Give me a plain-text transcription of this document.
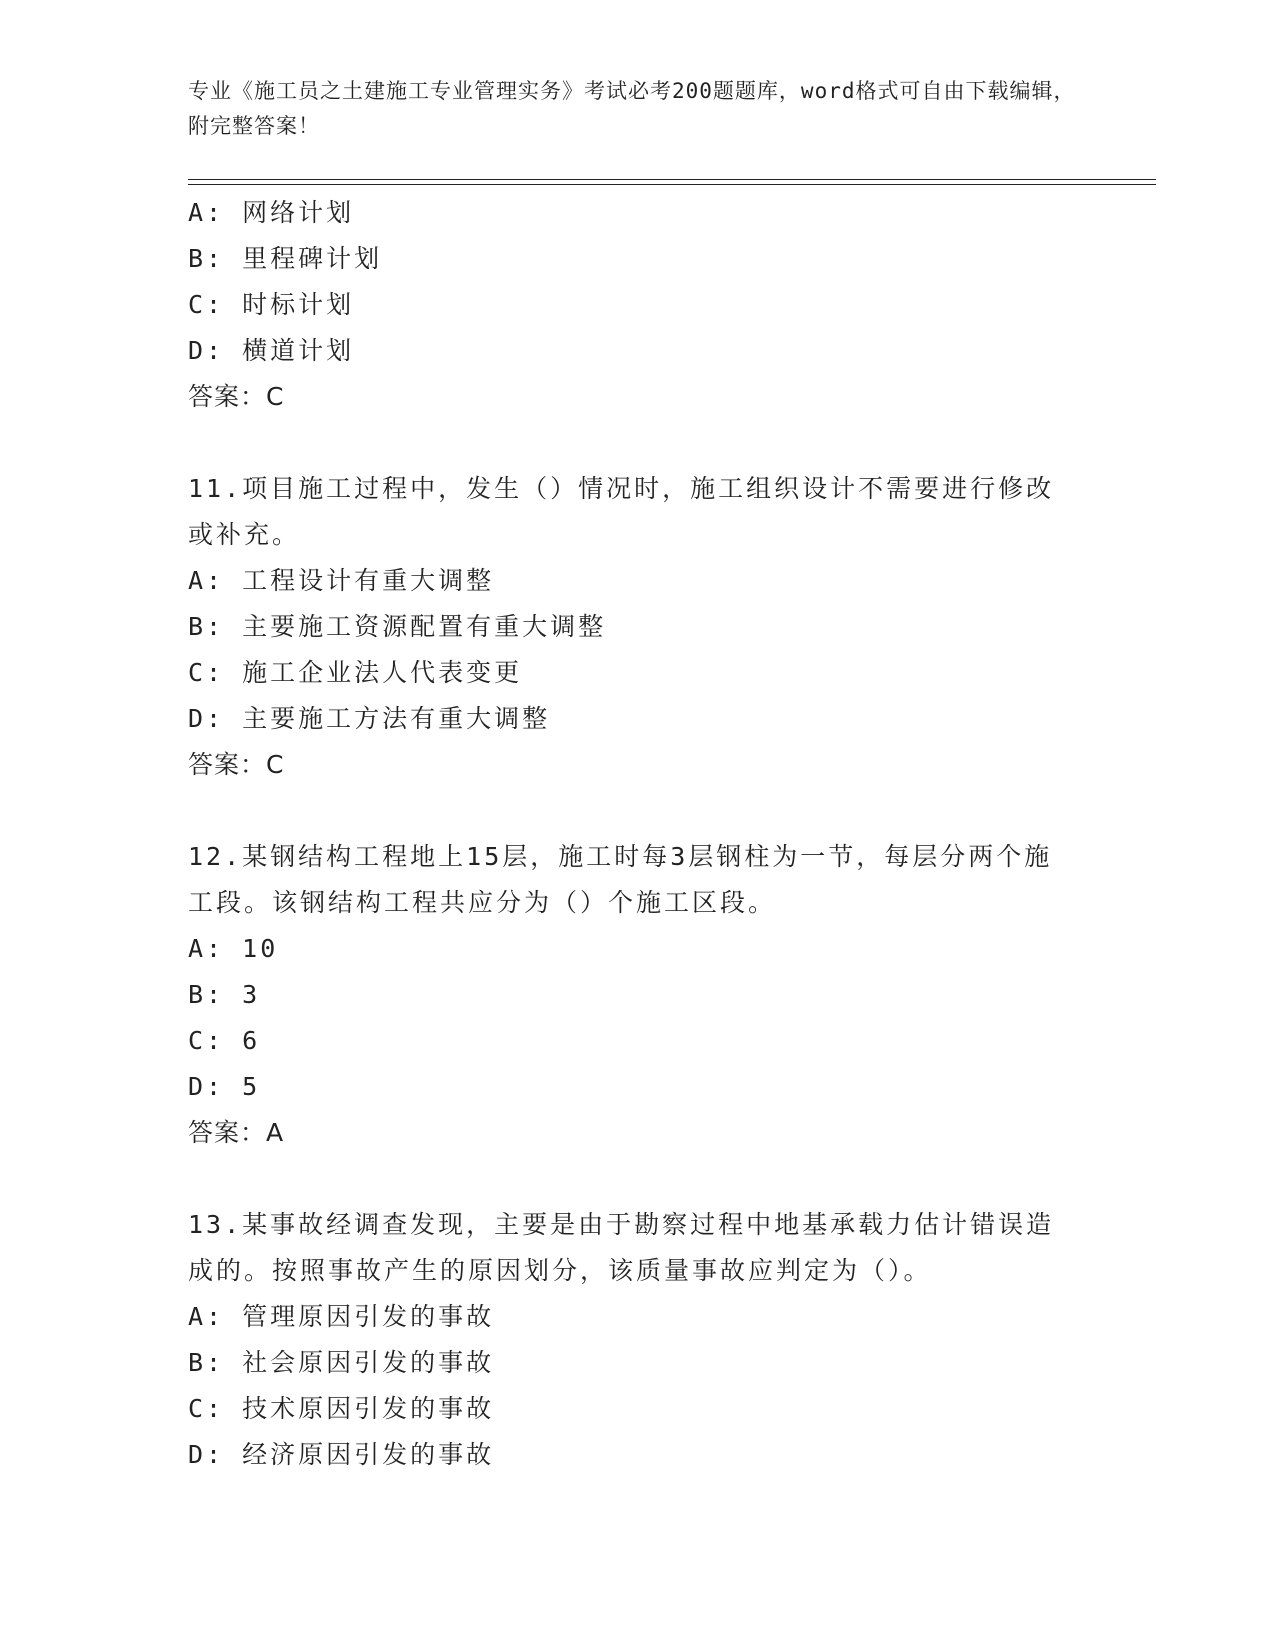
专业《施工员之土建施工专业管理实务》考试必考200题题库，word格式可自由下载编辑，附完整答案！
A: 网络计划
B: 里程碑计划
C: 时标计划
D: 横道计划
答案：C
11.项目施工过程中，发生（）情况时，施工组织设计不需要进行修改或补充。
A: 工程设计有重大调整
B: 主要施工资源配置有重大调整
C: 施工企业法人代表变更
D: 主要施工方法有重大调整
答案：C
12.某钢结构工程地上15层，施工时每3层钢柱为一节，每层分两个施工段。该钢结构工程共应分为（）个施工区段。
A: 10
B: 3
C: 6
D: 5
答案：A
13.某事故经调查发现，主要是由于勘察过程中地基承载力估计错误造成的。按照事故产生的原因划分，该质量事故应判定为（）。
A: 管理原因引发的事故
B: 社会原因引发的事故
C: 技术原因引发的事故
D: 经济原因引发的事故
